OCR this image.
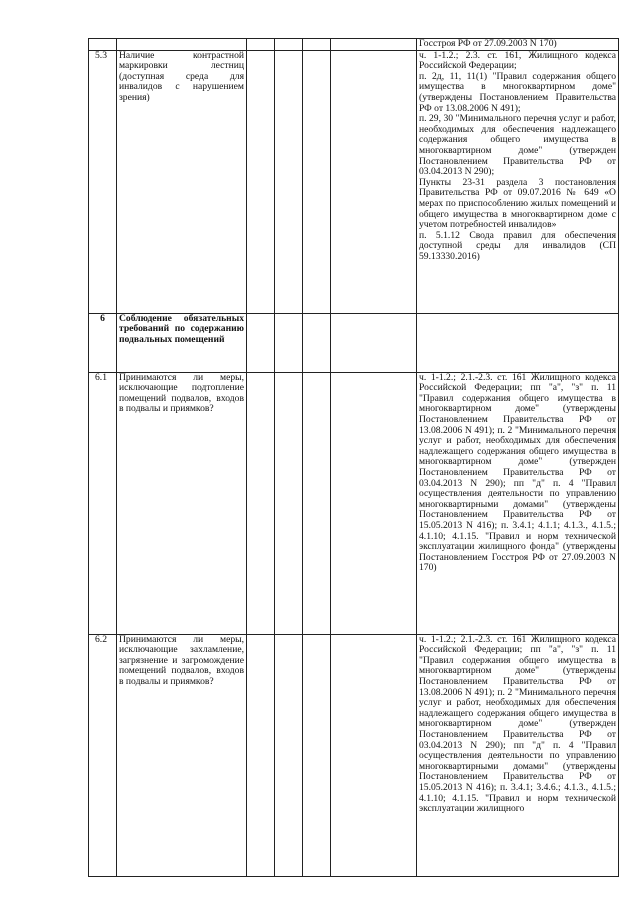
						Госстроя РФ от 27.09.2003 N 170)
5.3	Наличие контрастной маркировки лестниц (доступная среда для инвалидов с нарушением зрения)					ч. 1-1.2.; 2.3. ст. 161, Жилищного кодекса Российской Федерации;
п. 2д, 11, 11(1) "Правил содержания общего имущества в многоквартирном доме" (утверждены Постановлением Правительства РФ от 13.08.2006 N 491);
п. 29, 30 "Минимального перечня услуг и работ, необходимых для обеспечения надлежащего содержания общего имущества в многоквартирном доме" (утвержден Постановлением Правительства РФ от 03.04.2013 N 290);
Пункты 23-31 раздела 3 постановления Правительства РФ от 09.07.2016 № 649 «О мерах по приспособлению жилых помещений и общего имущества в многоквартирном доме с учетом потребностей инвалидов»
п. 5.1.12 Свода правил для обеспечения доступной среды для инвалидов (СП 59.13330.2016)

6	Соблюдение обязательных требований по содержанию подвальных помещений					
6.1	Принимаются ли меры, исключающие подтопление помещений подвалов, входов в подвалы и приямков?					ч. 1-1.2.; 2.1.-2.3. ст. 161 Жилищного кодекса Российской Федерации; пп "а", "з" п. 11 "Правил содержания общего имущества в многоквартирном доме" (утверждены Постановлением Правительства РФ от 13.08.2006 N 491); п. 2 "Минимального перечня услуг и работ, необходимых для обеспечения надлежащего содержания общего имущества в многоквартирном доме" (утвержден Постановлением Правительства РФ от 03.04.2013 N 290); пп "д" п. 4 "Правил осуществления деятельности по управлению многоквартирными домами" (утверждены Постановлением Правительства РФ от 15.05.2013 N 416); п. 3.4.1; 4.1.1; 4.1.3., 4.1.5.; 4.1.10; 4.1.15. "Правил и норм технической эксплуатации жилищного фонда" (утверждены Постановлением Госстроя РФ от 27.09.2003 N 170)
6.2	Принимаются ли меры, исключающие захламление, загрязнение и загромождение помещений подвалов, входов в подвалы и приямков?					ч. 1-1.2.; 2.1.-2.3. ст. 161 Жилищного кодекса Российской Федерации; пп "а", "з" п. 11 "Правил содержания общего имущества в многоквартирном доме" (утверждены Постановлением Правительства РФ от 13.08.2006 N 491); п. 2 "Минимального перечня услуг и работ, необходимых для обеспечения надлежащего содержания общего имущества в многоквартирном доме" (утвержден Постановлением Правительства РФ от 03.04.2013 N 290); пп "д" п. 4 "Правил осуществления деятельности по управлению многоквартирными домами" (утверждены Постановлением Правительства РФ от 15.05.2013 N 416); п. 3.4.1; 3.4.6.; 4.1.3., 4.1.5.; 4.1.10; 4.1.15. "Правил и норм технической эксплуатации жилищного
